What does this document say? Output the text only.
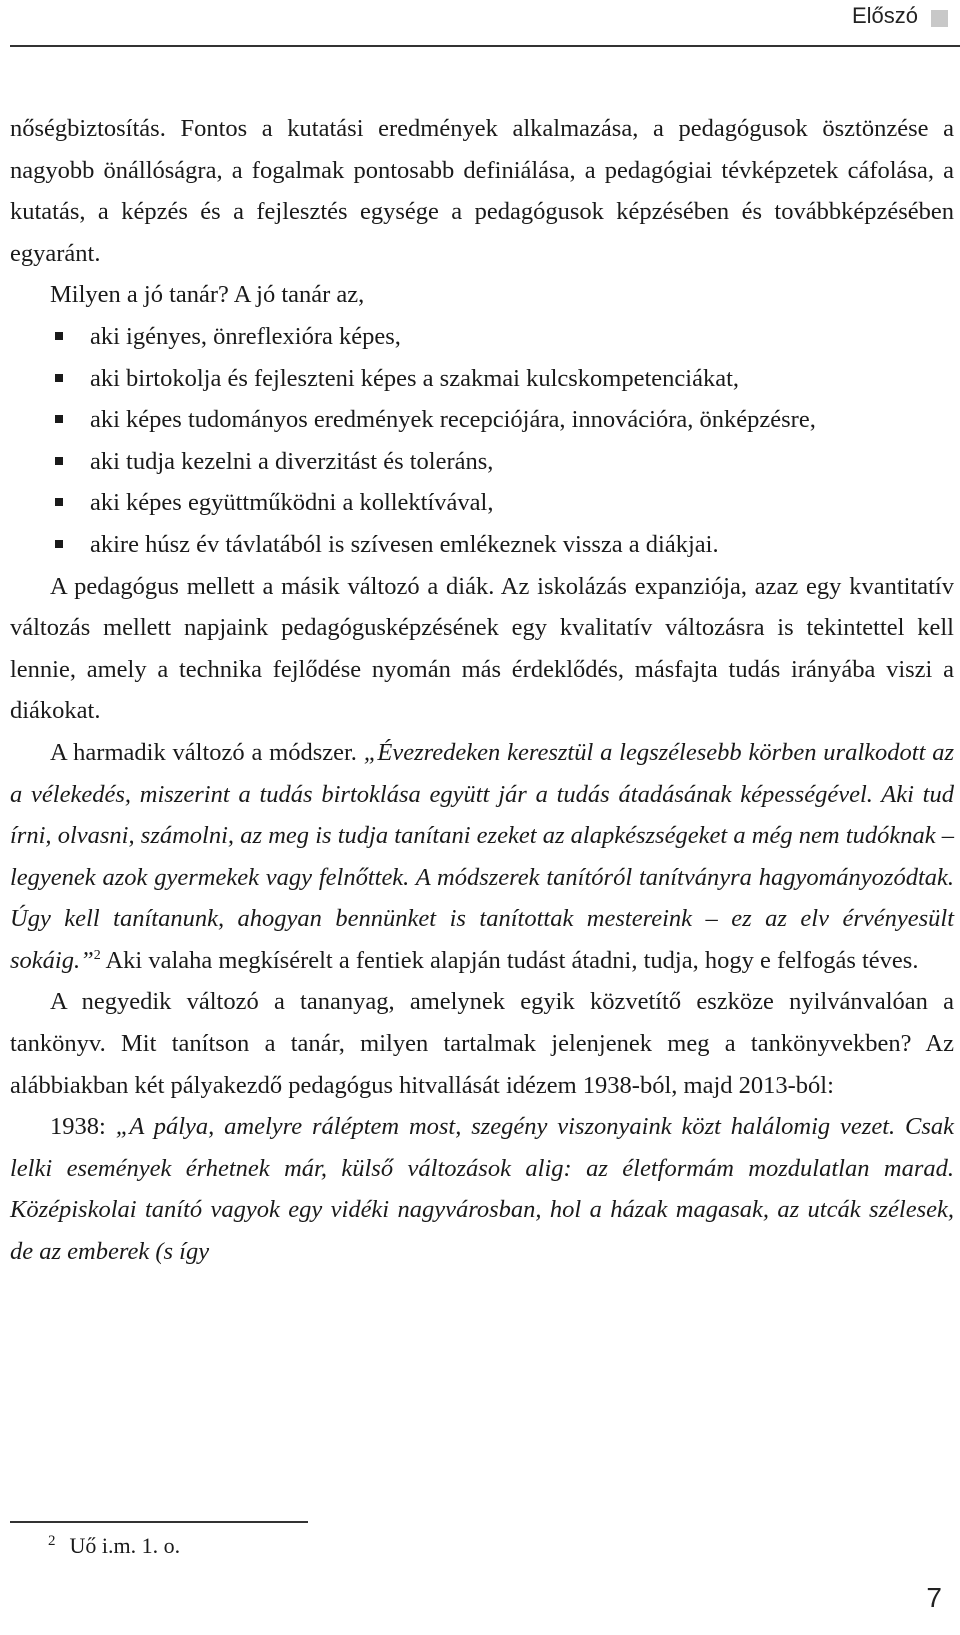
Előszó

nőségbiztosítás. Fontos a kutatási eredmények alkalmazása, a pedagógusok ösztönzése a nagyobb önállóságra, a fogalmak pontosabb definiálása, a pedagógiai tévképzetek cáfolása, a kutatás, a képzés és a fejlesztés egysége a pedagógusok képzésében és továbbképzésében egyaránt.

Milyen a jó tanár? A jó tanár az,

aki igényes, önreflexióra képes,
aki birtokolja és fejleszteni képes a szakmai kulcskompetenciákat,
aki képes tudományos eredmények recepciójára, innovációra, önképzésre,
aki tudja kezelni a diverzitást és toleráns,
aki képes együttműködni a kollektívával,
akire húsz év távlatából is szívesen emlékeznek vissza a diákjai.

A pedagógus mellett a másik változó a diák. Az iskolázás expanziója, azaz egy kvantitatív változás mellett napjaink pedagógusképzésének egy kvalitatív változásra is tekintettel kell lennie, amely a technika fejlődése nyomán más érdeklődés, másfajta tudás irányába viszi a diákokat.

A harmadik változó a módszer. „Évezredeken keresztül a legszélesebb körben uralkodott az a vélekedés, miszerint a tudás birtoklása együtt jár a tudás átadásának képességével. Aki tud írni, olvasni, számolni, az meg is tudja tanítani ezeket az alapkészségeket a még nem tudóknak – legyenek azok gyermekek vagy felnőttek. A módszerek tanítóról tanítványra hagyományozódtak. Úgy kell tanítanunk, ahogyan bennünket is tanítottak mestereink – ez az elv érvényesült sokáig.”$^2$ Aki valaha megkísérelt a fentiek alapján tudást átadni, tudja, hogy e felfogás téves.

A negyedik változó a tananyag, amelynek egyik közvetítő eszköze nyilvánvalóan a tankönyv. Mit tanítson a tanár, milyen tartalmak jelenjenek meg a tankönyvekben? Az alábbiakban két pályakezdő pedagógus hitvallását idézem 1938-ból, majd 2013-ból:

1938: „A pálya, amelyre ráléptem most, szegény viszonyaink közt halálomig vezet. Csak lelki események érhetnek már, külső változások alig: az életformám mozdulatlan marad. Középiskolai tanító vagyok egy vidéki nagyvárosban, hol a házak magasak, az utcák szélesek, de az emberek (s így

$^2$ Uő i.m. 1. o.
7
